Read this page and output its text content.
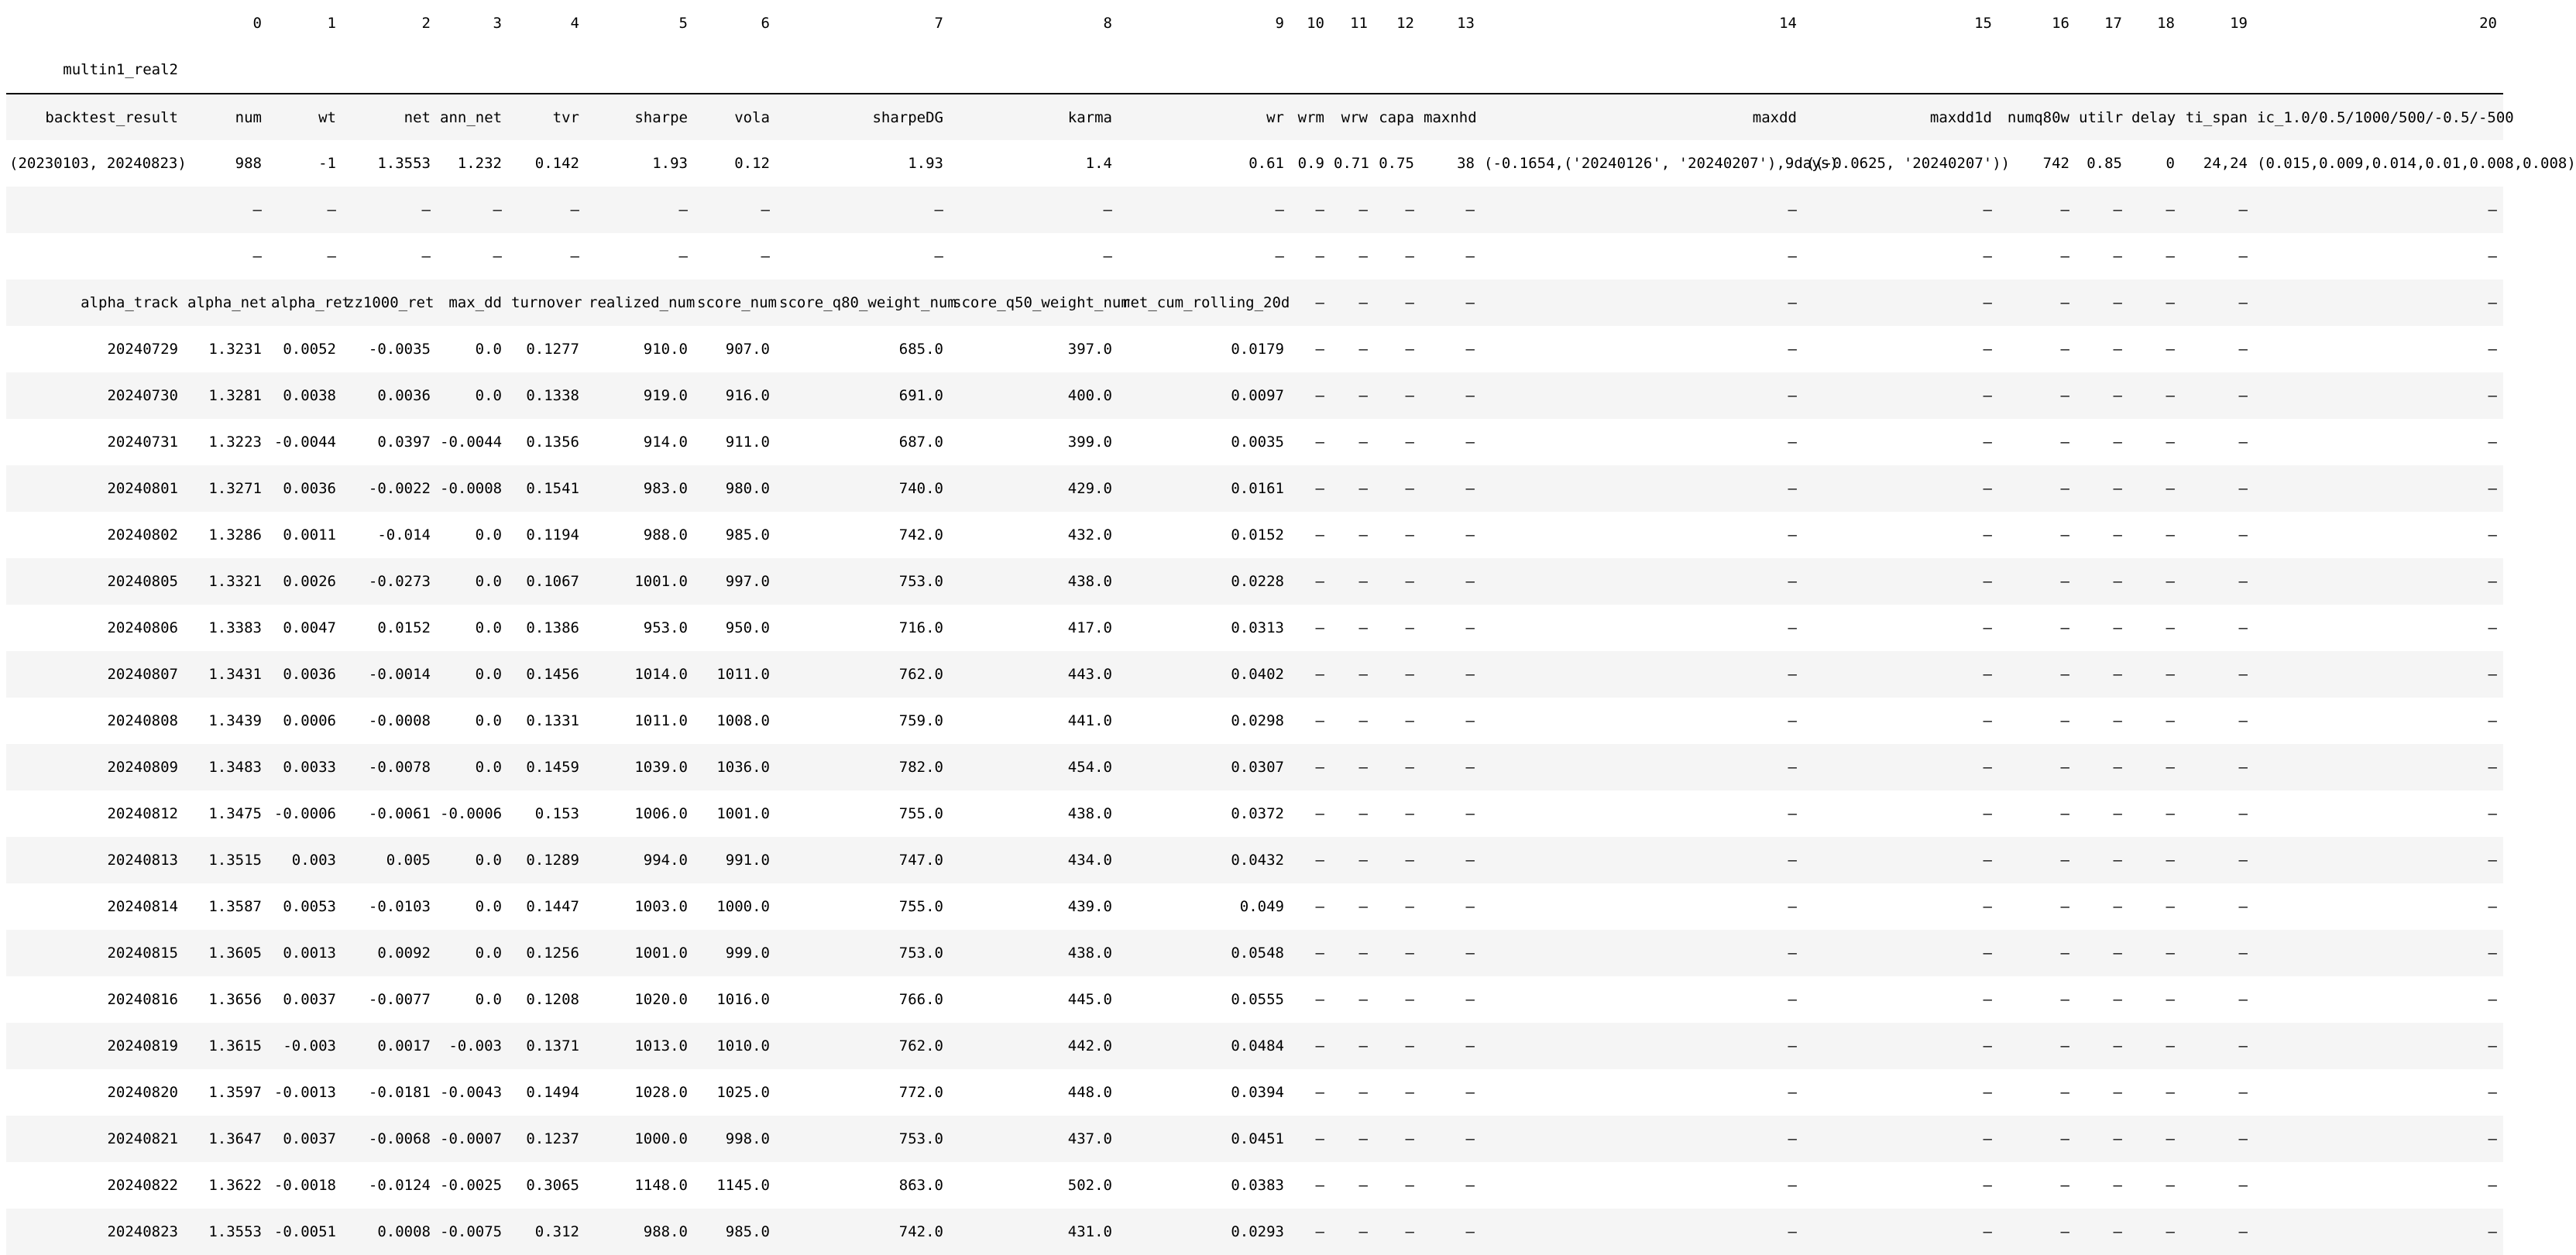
	0	1	2	3	4	5	6	7	8	9	10	11	12	13	14	15	16	17	18	19	20
multin1_real2																					
backtest_result	num	wt	net	ann_net	tvr	sharpe	vola	sharpeDG	karma	wr	wrm	wrw	capa	maxnhd	maxdd	maxdd1d	numq80w	utilr	delay	ti_span	ic_1.0/0.5/1000/500/-0.5/-500
(20230103, 20240823)	988	-1	1.3553	1.232	0.142	1.93	0.12	1.93	1.4	0.61	0.9	0.71	0.75	38	(-0.1654,('20240126', '20240207'),9days)	((-0.0625, '20240207'))	742	0.85	0	24,24	(0.015,0.009,0.014,0.01,0.008,0.008)
	—	—	—	—	—	—	—	—	—	—	—	—	—	—	—	—	—	—	—	—	—
	—	—	—	—	—	—	—	—	—	—	—	—	—	—	—	—	—	—	—	—	—
alpha_track	alpha_net	alpha_ret	zz1000_ret	max_dd	turnover	realized_num	score_num	score_q80_weight_num	score_q50_weight_num	ret_cum_rolling_20d	—	—	—	—	—	—	—	—	—	—	—
20240729	1.3231	0.0052	-0.0035	0.0	0.1277	910.0	907.0	685.0	397.0	0.0179	—	—	—	—	—	—	—	—	—	—	—
20240730	1.3281	0.0038	0.0036	0.0	0.1338	919.0	916.0	691.0	400.0	0.0097	—	—	—	—	—	—	—	—	—	—	—
20240731	1.3223	-0.0044	0.0397	-0.0044	0.1356	914.0	911.0	687.0	399.0	0.0035	—	—	—	—	—	—	—	—	—	—	—
20240801	1.3271	0.0036	-0.0022	-0.0008	0.1541	983.0	980.0	740.0	429.0	0.0161	—	—	—	—	—	—	—	—	—	—	—
20240802	1.3286	0.0011	-0.014	0.0	0.1194	988.0	985.0	742.0	432.0	0.0152	—	—	—	—	—	—	—	—	—	—	—
20240805	1.3321	0.0026	-0.0273	0.0	0.1067	1001.0	997.0	753.0	438.0	0.0228	—	—	—	—	—	—	—	—	—	—	—
20240806	1.3383	0.0047	0.0152	0.0	0.1386	953.0	950.0	716.0	417.0	0.0313	—	—	—	—	—	—	—	—	—	—	—
20240807	1.3431	0.0036	-0.0014	0.0	0.1456	1014.0	1011.0	762.0	443.0	0.0402	—	—	—	—	—	—	—	—	—	—	—
20240808	1.3439	0.0006	-0.0008	0.0	0.1331	1011.0	1008.0	759.0	441.0	0.0298	—	—	—	—	—	—	—	—	—	—	—
20240809	1.3483	0.0033	-0.0078	0.0	0.1459	1039.0	1036.0	782.0	454.0	0.0307	—	—	—	—	—	—	—	—	—	—	—
20240812	1.3475	-0.0006	-0.0061	-0.0006	0.153	1006.0	1001.0	755.0	438.0	0.0372	—	—	—	—	—	—	—	—	—	—	—
20240813	1.3515	0.003	0.005	0.0	0.1289	994.0	991.0	747.0	434.0	0.0432	—	—	—	—	—	—	—	—	—	—	—
20240814	1.3587	0.0053	-0.0103	0.0	0.1447	1003.0	1000.0	755.0	439.0	0.049	—	—	—	—	—	—	—	—	—	—	—
20240815	1.3605	0.0013	0.0092	0.0	0.1256	1001.0	999.0	753.0	438.0	0.0548	—	—	—	—	—	—	—	—	—	—	—
20240816	1.3656	0.0037	-0.0077	0.0	0.1208	1020.0	1016.0	766.0	445.0	0.0555	—	—	—	—	—	—	—	—	—	—	—
20240819	1.3615	-0.003	0.0017	-0.003	0.1371	1013.0	1010.0	762.0	442.0	0.0484	—	—	—	—	—	—	—	—	—	—	—
20240820	1.3597	-0.0013	-0.0181	-0.0043	0.1494	1028.0	1025.0	772.0	448.0	0.0394	—	—	—	—	—	—	—	—	—	—	—
20240821	1.3647	0.0037	-0.0068	-0.0007	0.1237	1000.0	998.0	753.0	437.0	0.0451	—	—	—	—	—	—	—	—	—	—	—
20240822	1.3622	-0.0018	-0.0124	-0.0025	0.3065	1148.0	1145.0	863.0	502.0	0.0383	—	—	—	—	—	—	—	—	—	—	—
20240823	1.3553	-0.0051	0.0008	-0.0075	0.312	988.0	985.0	742.0	431.0	0.0293	—	—	—	—	—	—	—	—	—	—	—
